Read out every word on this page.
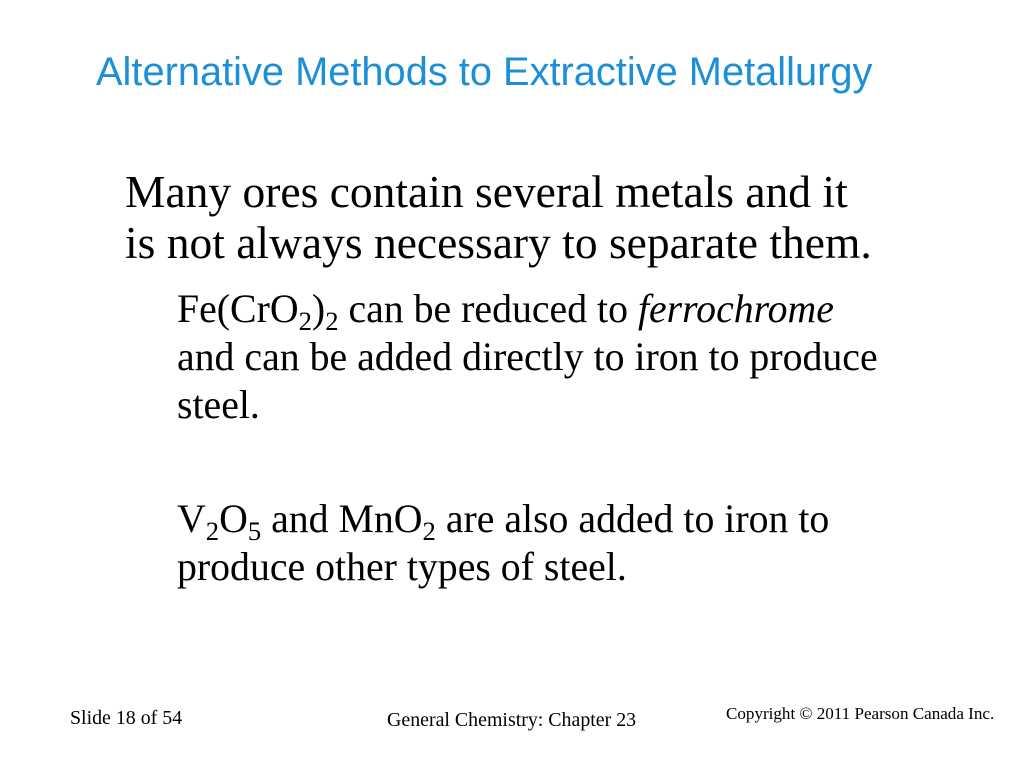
Alternative Methods to Extractive Metallurgy
Many ores contain several metals and it
is not always necessary to separate them.
$Fe(CrO_2)_2$ can be reduced to ferrochrome
and can be added directly to iron to produce
steel.
$V_2O_5$ and MnO$_2$ are also added to iron to
produce other types of steel.
Slide 18 of 54	General Chemistry: Chapter 23	Copyright © 2011 Pearson Canada Inc.
